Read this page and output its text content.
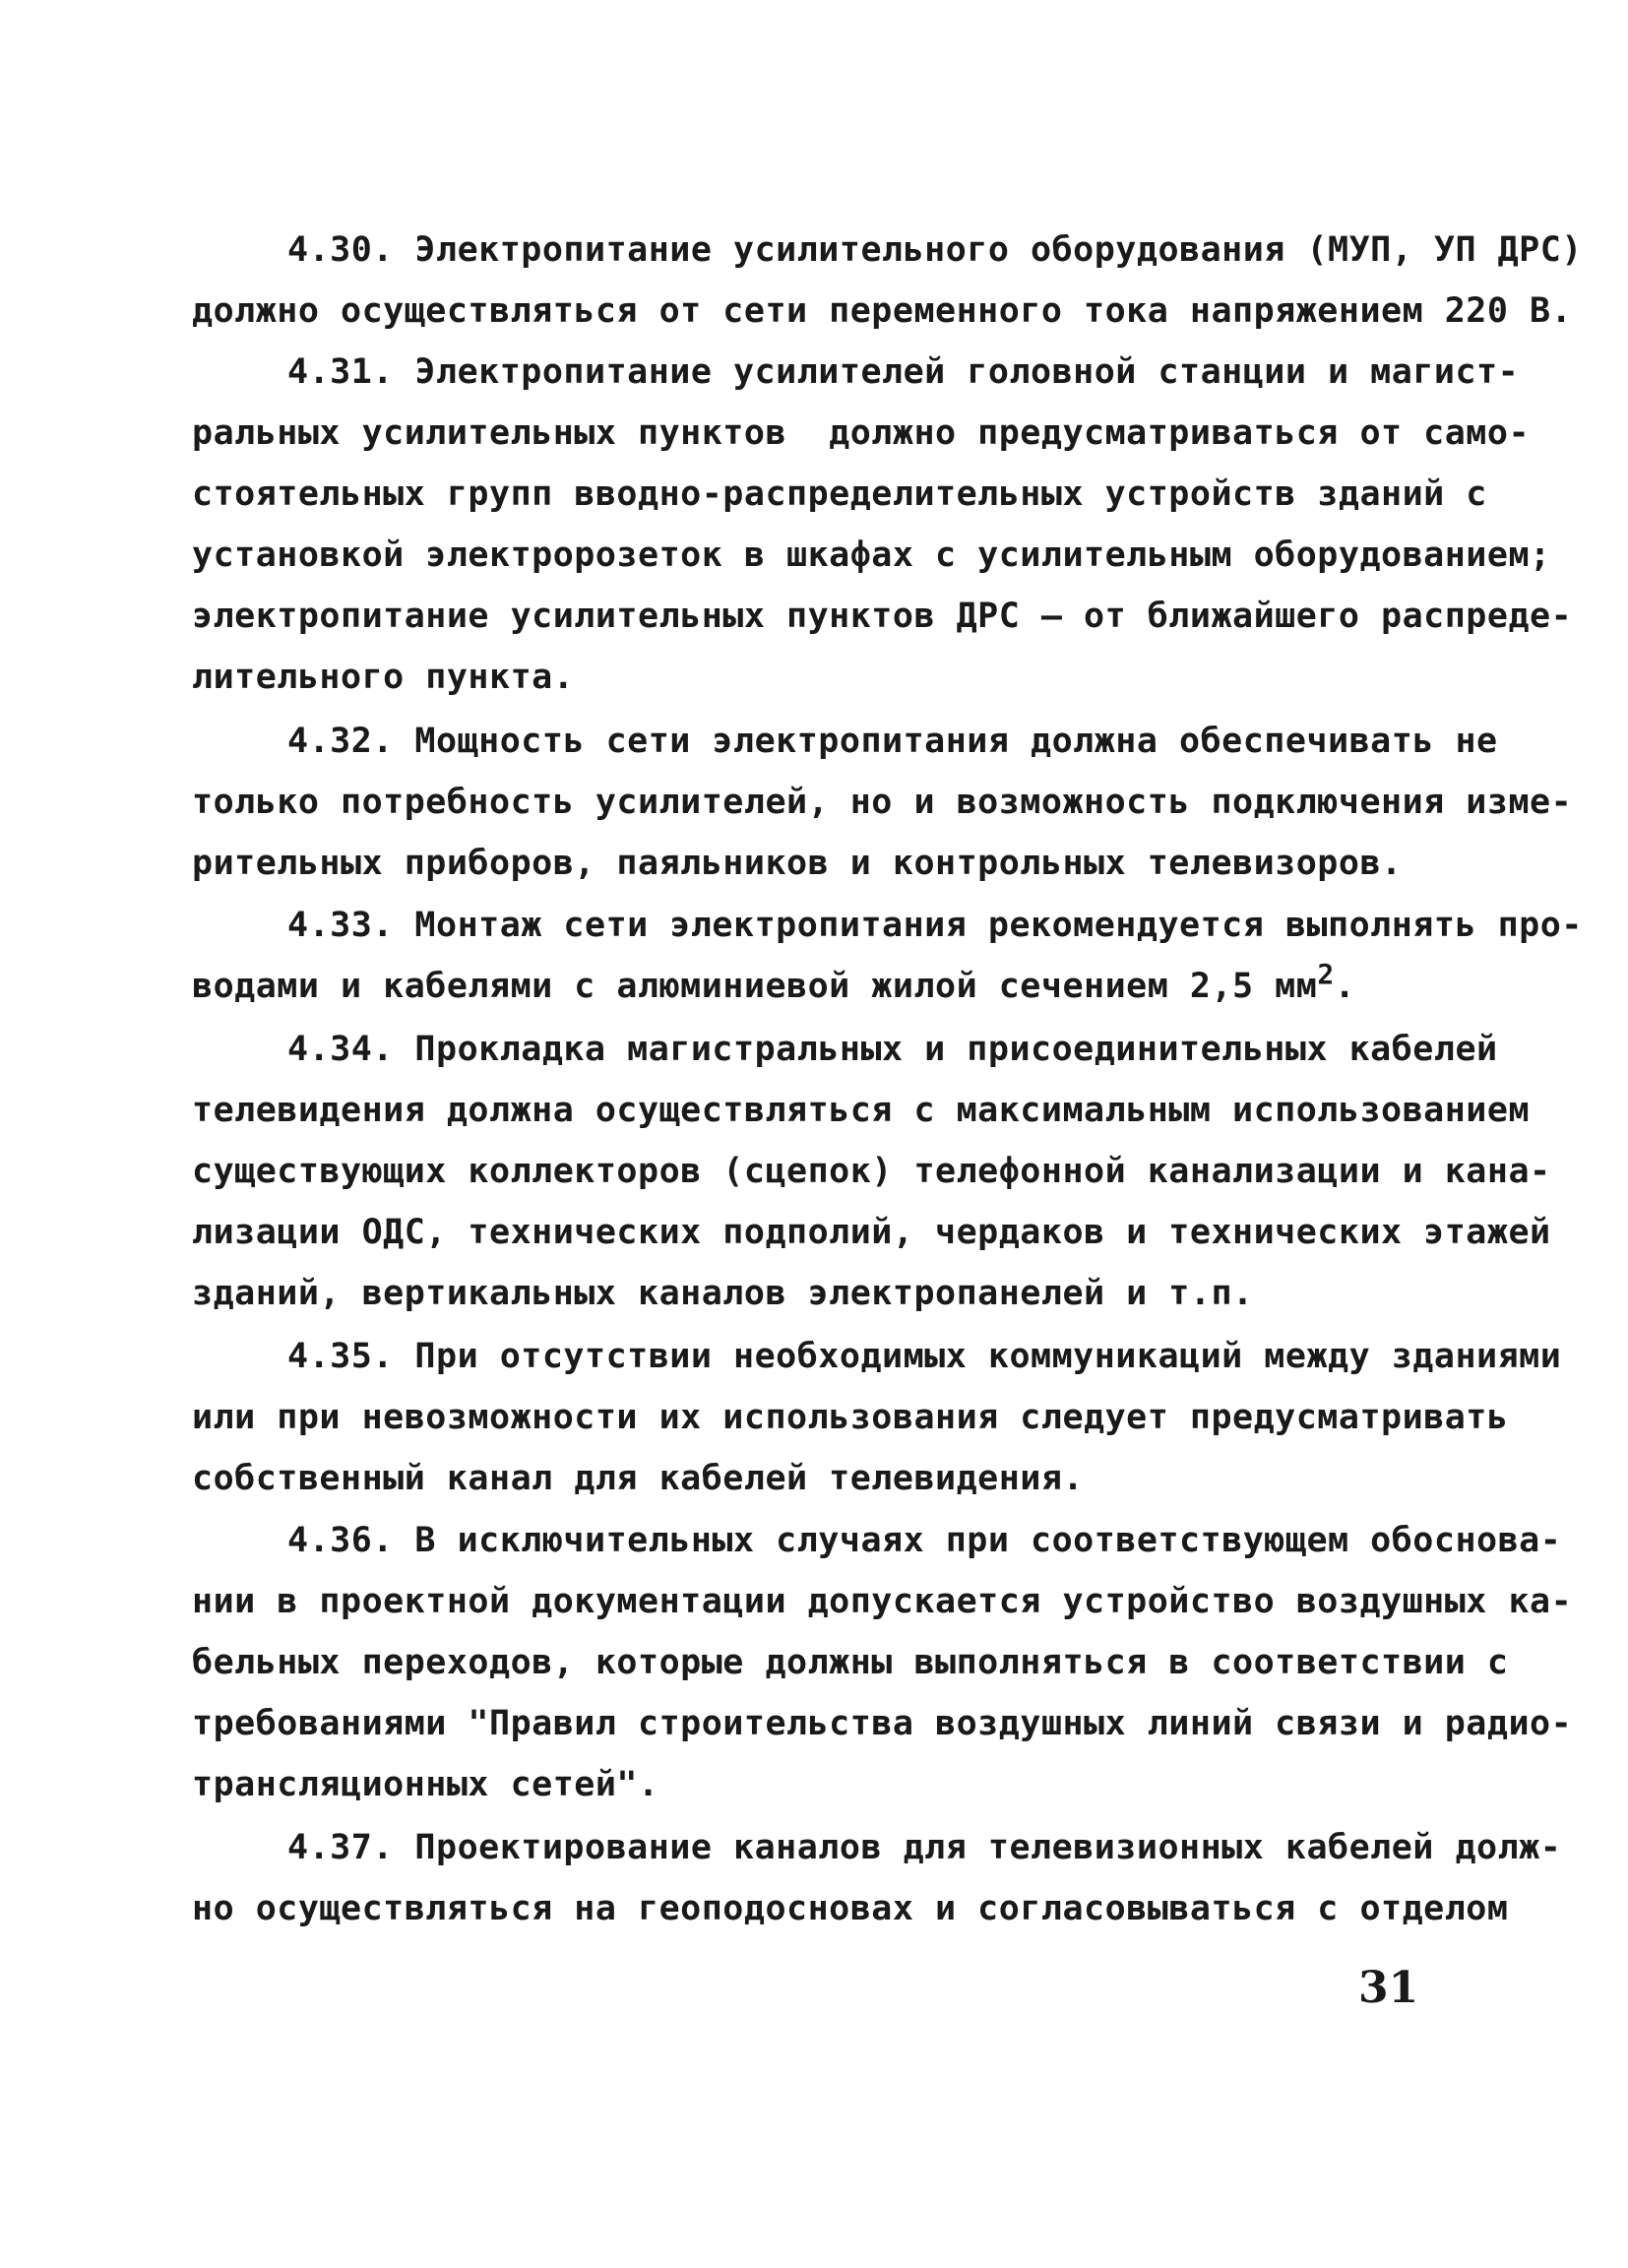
4.30. Электропитание усилительного оборудования (МУП, УП ДРС)
должно осуществляться от сети переменного тока напряжением 220 В.
4.31. Электропитание усилителей головной станции и магист-
ральных усилительных пунктов  должно предусматриваться от само-
стоятельных групп вводно-распределительных устройств зданий с
установкой электророзеток в шкафах с усилительным оборудованием;
электропитание усилительных пунктов ДРС – от ближайшего распреде-
лительного пункта.
4.32. Мощность сети электропитания должна обеспечивать не
только потребность усилителей, но и возможность подключения изме-
рительных приборов, паяльников и контрольных телевизоров.
4.33. Монтаж сети электропитания рекомендуется выполнять про-
водами и кабелями с алюминиевой жилой сечением 2,5 $мм^2$.
4.34. Прокладка магистральных и присоединительных кабелей
телевидения должна осуществляться с максимальным использованием
существующих коллекторов (сцепок) телефонной канализации и кана-
лизации ОДС, технических подполий, чердаков и технических этажей
зданий, вертикальных каналов электропанелей и т.п.
4.35. При отсутствии необходимых коммуникаций между зданиями
или при невозможности их использования следует предусматривать
собственный канал для кабелей телевидения.
4.36. В исключительных случаях при соответствующем обоснова-
нии в проектной документации допускается устройство воздушных ка-
бельных переходов, которые должны выполняться в соответствии с
требованиями "Правил строительства воздушных линий связи и радио-
трансляционных сетей".
4.37. Проектирование каналов для телевизионных кабелей долж-
но осуществляться на геоподосновах и согласовываться с отделом
31
